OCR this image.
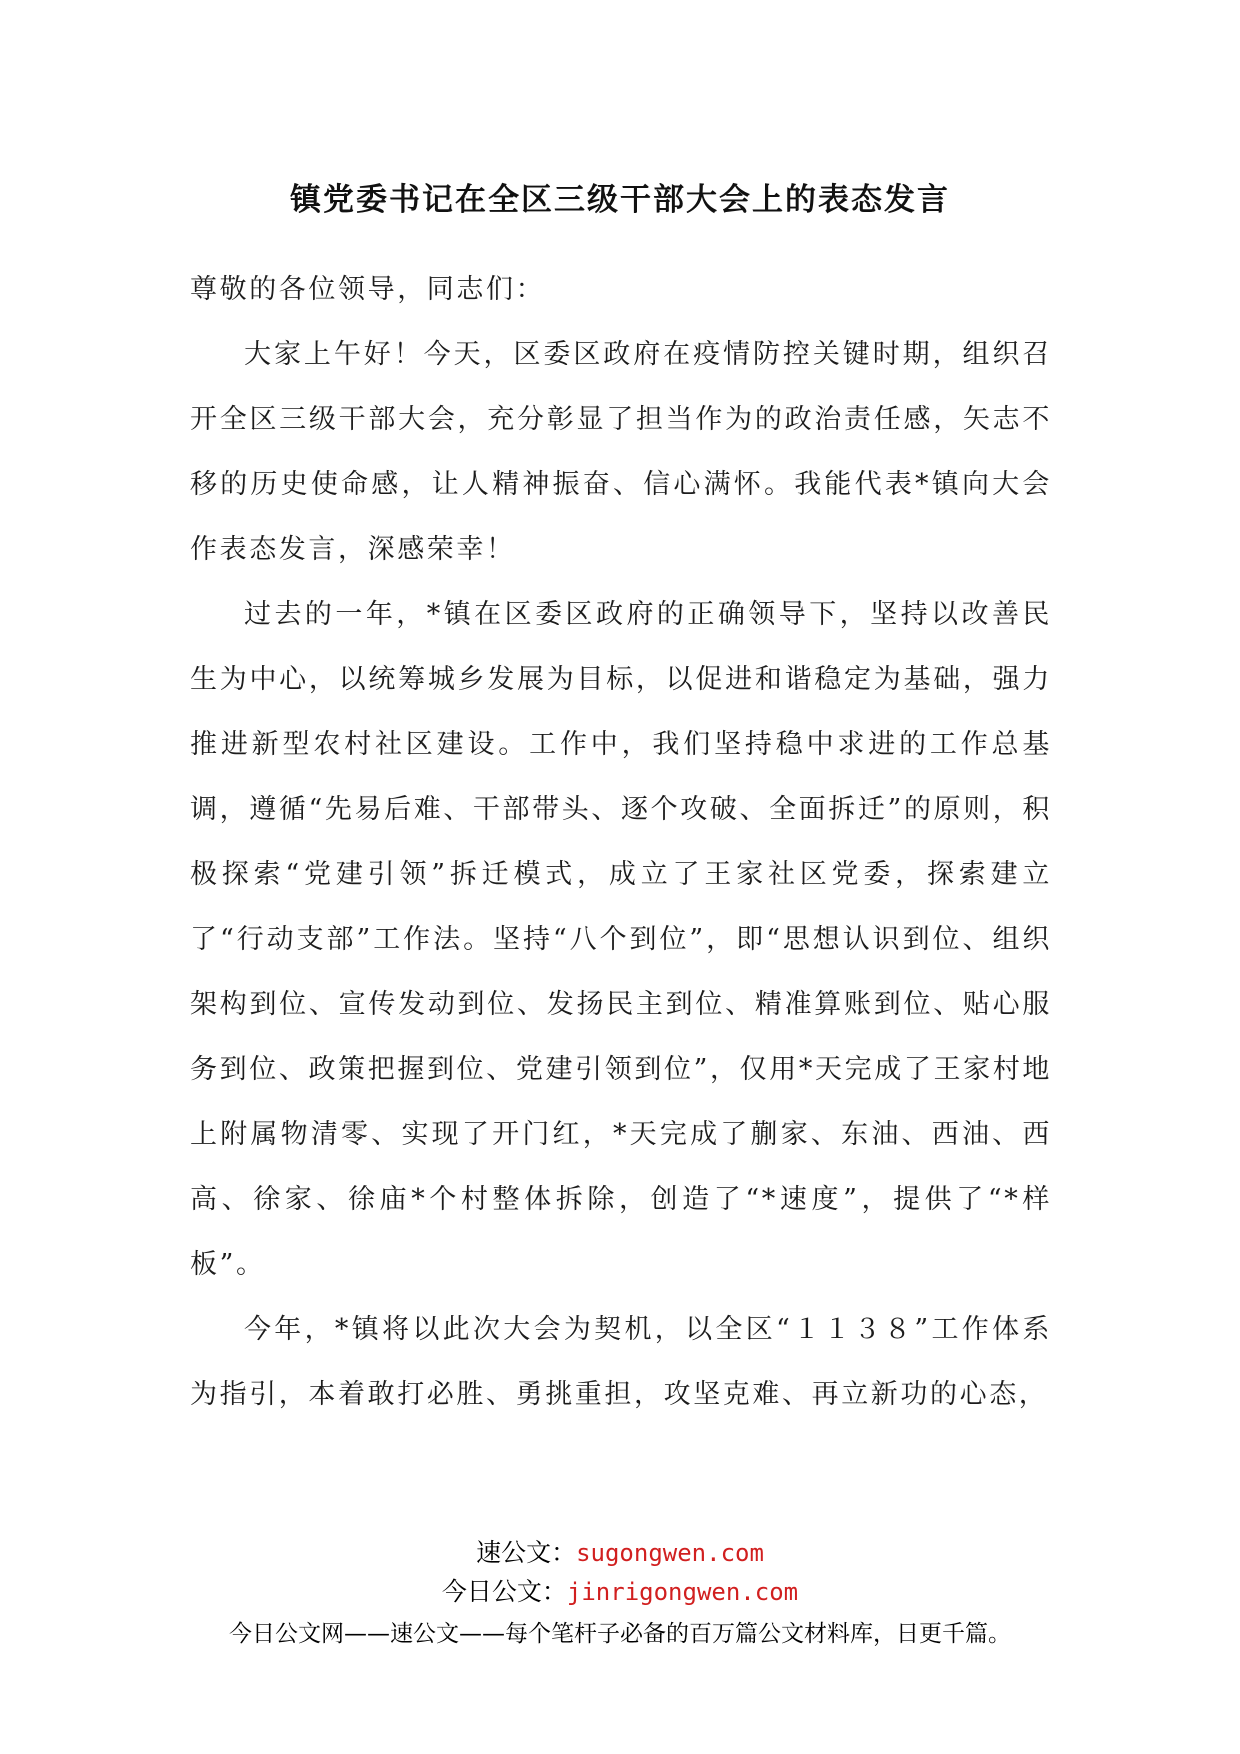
镇党委书记在全区三级干部大会上的表态发言

尊敬的各位领导，同志们：

大家上午好！今天，区委区政府在疫情防控关键时期，组织召开全区三级干部大会，充分彰显了担当作为的政治责任感，矢志不移的历史使命感，让人精神振奋、信心满怀。我能代表*镇向大会作表态发言，深感荣幸！

过去的一年，*镇在区委区政府的正确领导下，坚持以改善民生为中心，以统筹城乡发展为目标，以促进和谐稳定为基础，强力推进新型农村社区建设。工作中，我们坚持稳中求进的工作总基调，遵循“先易后难、干部带头、逐个攻破、全面拆迁”的原则，积极探索“党建引领”拆迁模式，成立了王家社区党委，探索建立了“行动支部”工作法。坚持“八个到位”，即“思想认识到位、组织架构到位、宣传发动到位、发扬民主到位、精准算账到位、贴心服务到位、政策把握到位、党建引领到位”，仅用*天完成了王家村地上附属物清零、实现了开门红，*天完成了蒯家、东油、西油、西高、徐家、徐庙*个村整体拆除，创造了“*速度”，提供了“*样板”。

今年，*镇将以此次大会为契机，以全区“１１３８”工作体系为指引，本着敢打必胜、勇挑重担，攻坚克难、再立新功的心态，

速公文：sugongwen.com
今日公文：jinrigongwen.com
今日公文网——速公文——每个笔杆子必备的百万篇公文材料库，日更千篇。
